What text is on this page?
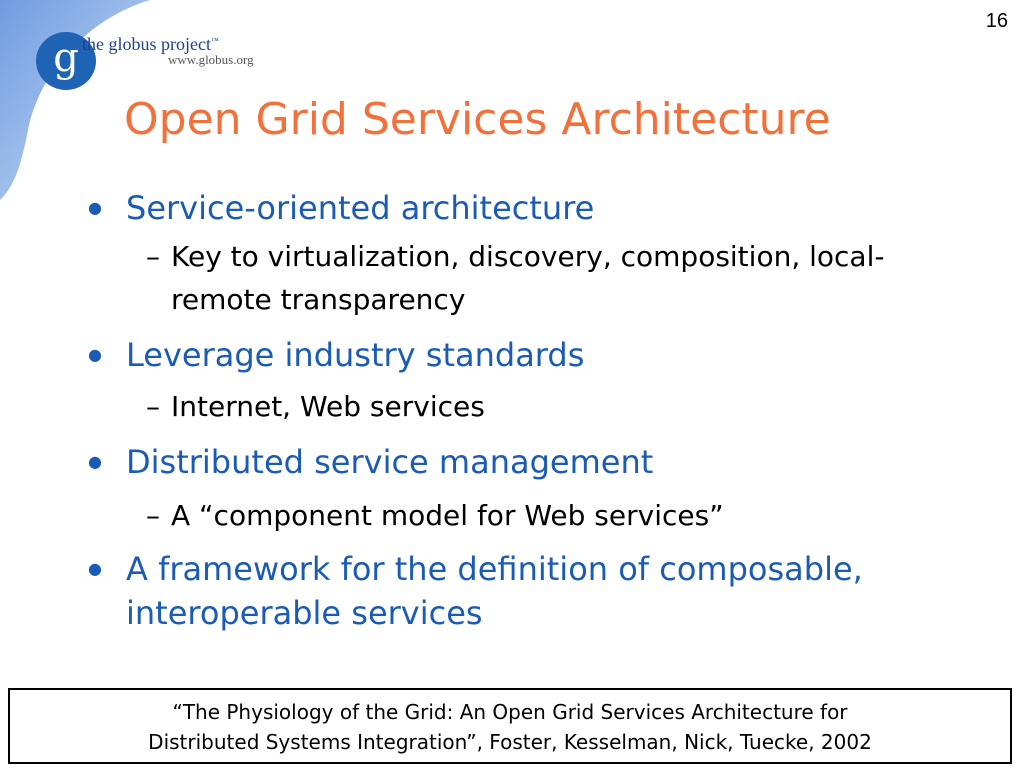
16
g the globus project™
www.globus.org
Open Grid Services Architecture
● Service-oriented architecture
– Key to virtualization, discovery, composition, local-remote transparency
● Leverage industry standards
– Internet, Web services
● Distributed service management
– A “component model for Web services”
● A framework for the definition of composable, interoperable services
“The Physiology of the Grid: An Open Grid Services Architecture for
Distributed Systems Integration”, Foster, Kesselman, Nick, Tuecke, 2002
